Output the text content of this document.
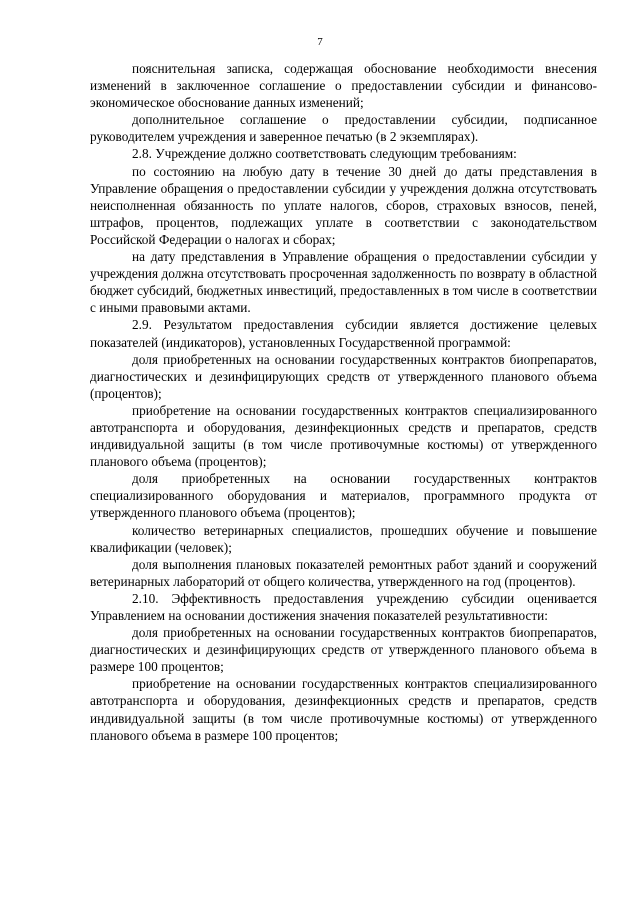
7

пояснительная записка, содержащая обоснование необходимости внесения изменений в заключенное соглашение о предоставлении субсидии и финансово-экономическое обоснование данных изменений;

дополнительное соглашение о предоставлении субсидии, подписанное руководителем учреждения и заверенное печатью (в 2 экземплярах).

2.8. Учреждение должно соответствовать следующим требованиям:

по состоянию на любую дату в течение 30 дней до даты представления в Управление обращения о предоставлении субсидии у учреждения должна отсутствовать неисполненная обязанность по уплате налогов, сборов, страховых взносов, пеней, штрафов, процентов, подлежащих уплате в соответствии с законодательством Российской Федерации о налогах и сборах;

на дату представления в Управление обращения о предоставлении субсидии у учреждения должна отсутствовать просроченная задолженность по возврату в областной бюджет субсидий, бюджетных инвестиций, предоставленных в том числе в соответствии с иными правовыми актами.

2.9. Результатом предоставления субсидии является достижение целевых показателей (индикаторов), установленных Государственной программой:

доля приобретенных на основании государственных контрактов биопрепаратов, диагностических и дезинфицирующих средств от утвержденного планового объема (процентов);

приобретение на основании государственных контрактов специализированного автотранспорта и оборудования, дезинфекционных средств и препаратов, средств индивидуальной защиты (в том числе противочумные костюмы) от утвержденного планового объема (процентов);

доля приобретенных на основании государственных контрактов специализированного оборудования и материалов, программного продукта от утвержденного планового объема (процентов);

количество ветеринарных специалистов, прошедших обучение и повышение квалификации (человек);

доля выполнения плановых показателей ремонтных работ зданий и сооружений ветеринарных лабораторий от общего количества, утвержденного на год (процентов).

2.10. Эффективность предоставления учреждению субсидии оценивается Управлением на основании достижения значения показателей результативности:

доля приобретенных на основании государственных контрактов биопрепаратов, диагностических и дезинфицирующих средств от утвержденного планового объема в размере 100 процентов;

приобретение на основании государственных контрактов специализированного автотранспорта и оборудования, дезинфекционных средств и препаратов, средств индивидуальной защиты (в том числе противочумные костюмы) от утвержденного планового объема в размере 100 процентов;
